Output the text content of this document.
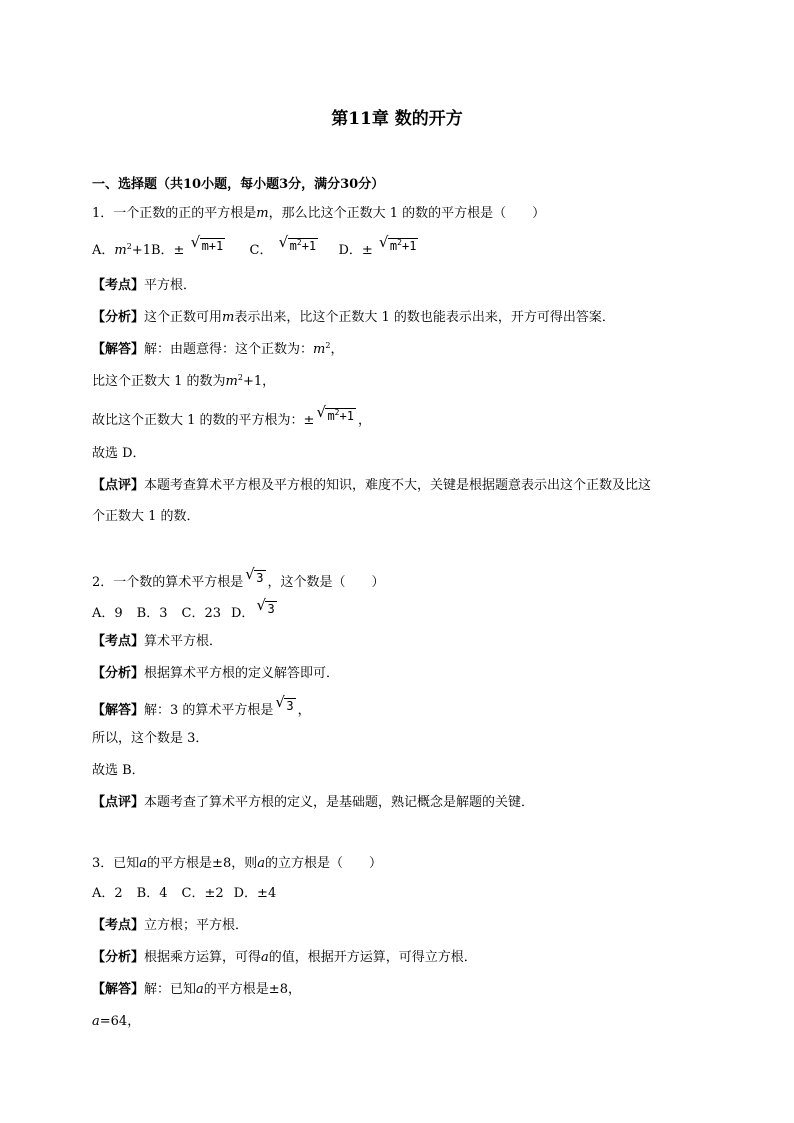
第11章 数的开方
一、选择题（共10小题，每小题3分，满分30分）
1．一个正数的正的平方根是m，那么比这个正数大 1 的数的平方根是（　　）
A．$m^2+1B$．± √ m+1 C． √ $m^2+1$ D．± √ $m^2+1$
【考点】平方根．
【分析】这个正数可用m表示出来，比这个正数大 1 的数也能表示出来，开方可得出答案．
【解答】解：由题意得：这个正数为：$m^2$，
比这个正数大 1 的数为$m^2+1$，
故比这个正数大 1 的数的平方根为：± √ $m^2+1$ ，
故选 D．
【点评】本题考查算术平方根及平方根的知识，难度不大，关键是根据题意表示出这个正数及比这
个正数大 1 的数．
2．一个数的算术平方根是 √ 3 ，这个数是（　　）
A．9 B．3 C．23 D． √ 3
【考点】算术平方根．
【分析】根据算术平方根的定义解答即可．
【解答】解：3 的算术平方根是 √ 3 ，
所以，这个数是 3．
故选 B．
【点评】本题考查了算术平方根的定义，是基础题，熟记概念是解题的关键．
3．已知a的平方根是±8，则a的立方根是（　　）
A．2 B．4 C．±2 D．±4
【考点】立方根；平方根．
【分析】根据乘方运算，可得a的值，根据开方运算，可得立方根．
【解答】解：已知a的平方根是±8，
a=64，
